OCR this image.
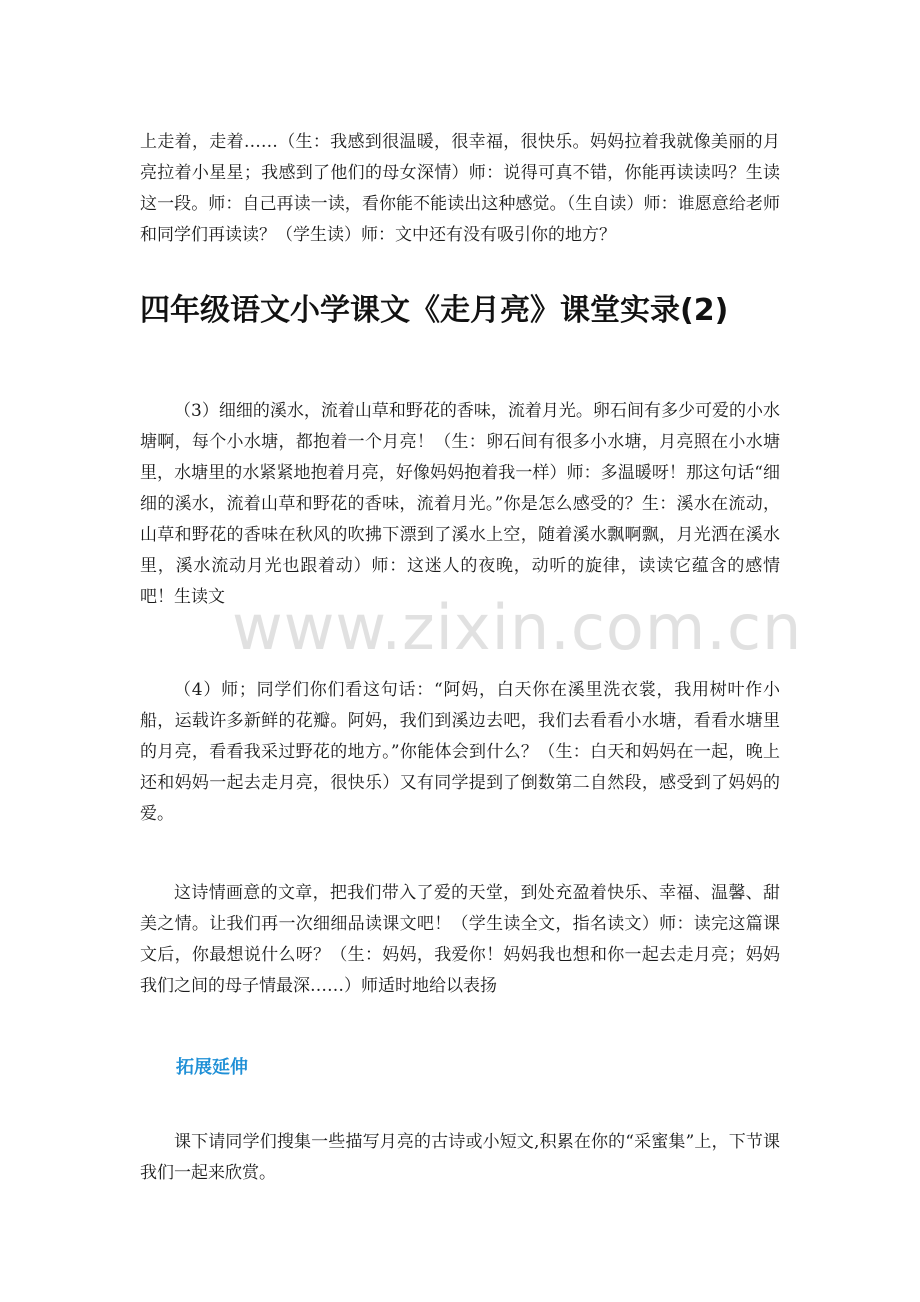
上走着，走着……（生：我感到很温暖，很幸福，很快乐。妈妈拉着我就像美丽的月亮拉着小星星；我感到了他们的母女深情）师：说得可真不错，你能再读读吗？生读这一段。师：自己再读一读，看你能不能读出这种感觉。（生自读）师：谁愿意给老师和同学们再读读？（学生读）师：文中还有没有吸引你的地方？

四年级语文小学课文《走月亮》课堂实录(2)

（3）细细的溪水，流着山草和野花的香味，流着月光。卵石间有多少可爱的小水塘啊，每个小水塘，都抱着一个月亮！（生：卵石间有很多小水塘，月亮照在小水塘里，水塘里的水紧紧地抱着月亮，好像妈妈抱着我一样）师：多温暖呀！那这句话“细细的溪水，流着山草和野花的香味，流着月光。”你是怎么感受的？生：溪水在流动，山草和野花的香味在秋风的吹拂下漂到了溪水上空，随着溪水飘啊飘，月光洒在溪水里，溪水流动月光也跟着动）师：这迷人的夜晚，动听的旋律，读读它蕴含的感情吧！生读文 www.zixin.com.cn

（4）师；同学们你们看这句话：“阿妈，白天你在溪里洗衣裳，我用树叶作小船，运载许多新鲜的花瓣。阿妈，我们到溪边去吧，我们去看看小水塘，看看水塘里的月亮，看看我采过野花的地方。”你能体会到什么？（生：白天和妈妈在一起，晚上还和妈妈一起去走月亮，很快乐）又有同学提到了倒数第二自然段，感受到了妈妈的爱。

这诗情画意的文章，把我们带入了爱的天堂，到处充盈着快乐、幸福、温馨、甜美之情。让我们再一次细细品读课文吧！（学生读全文，指名读文）师：读完这篇课文后，你最想说什么呀？（生：妈妈，我爱你！妈妈我也想和你一起去走月亮；妈妈我们之间的母子情最深……）师适时地给以表扬

拓展延伸

课下请同学们搜集一些描写月亮的古诗或小短文,积累在你的“采蜜集”上，下节课我们一起来欣赏。
